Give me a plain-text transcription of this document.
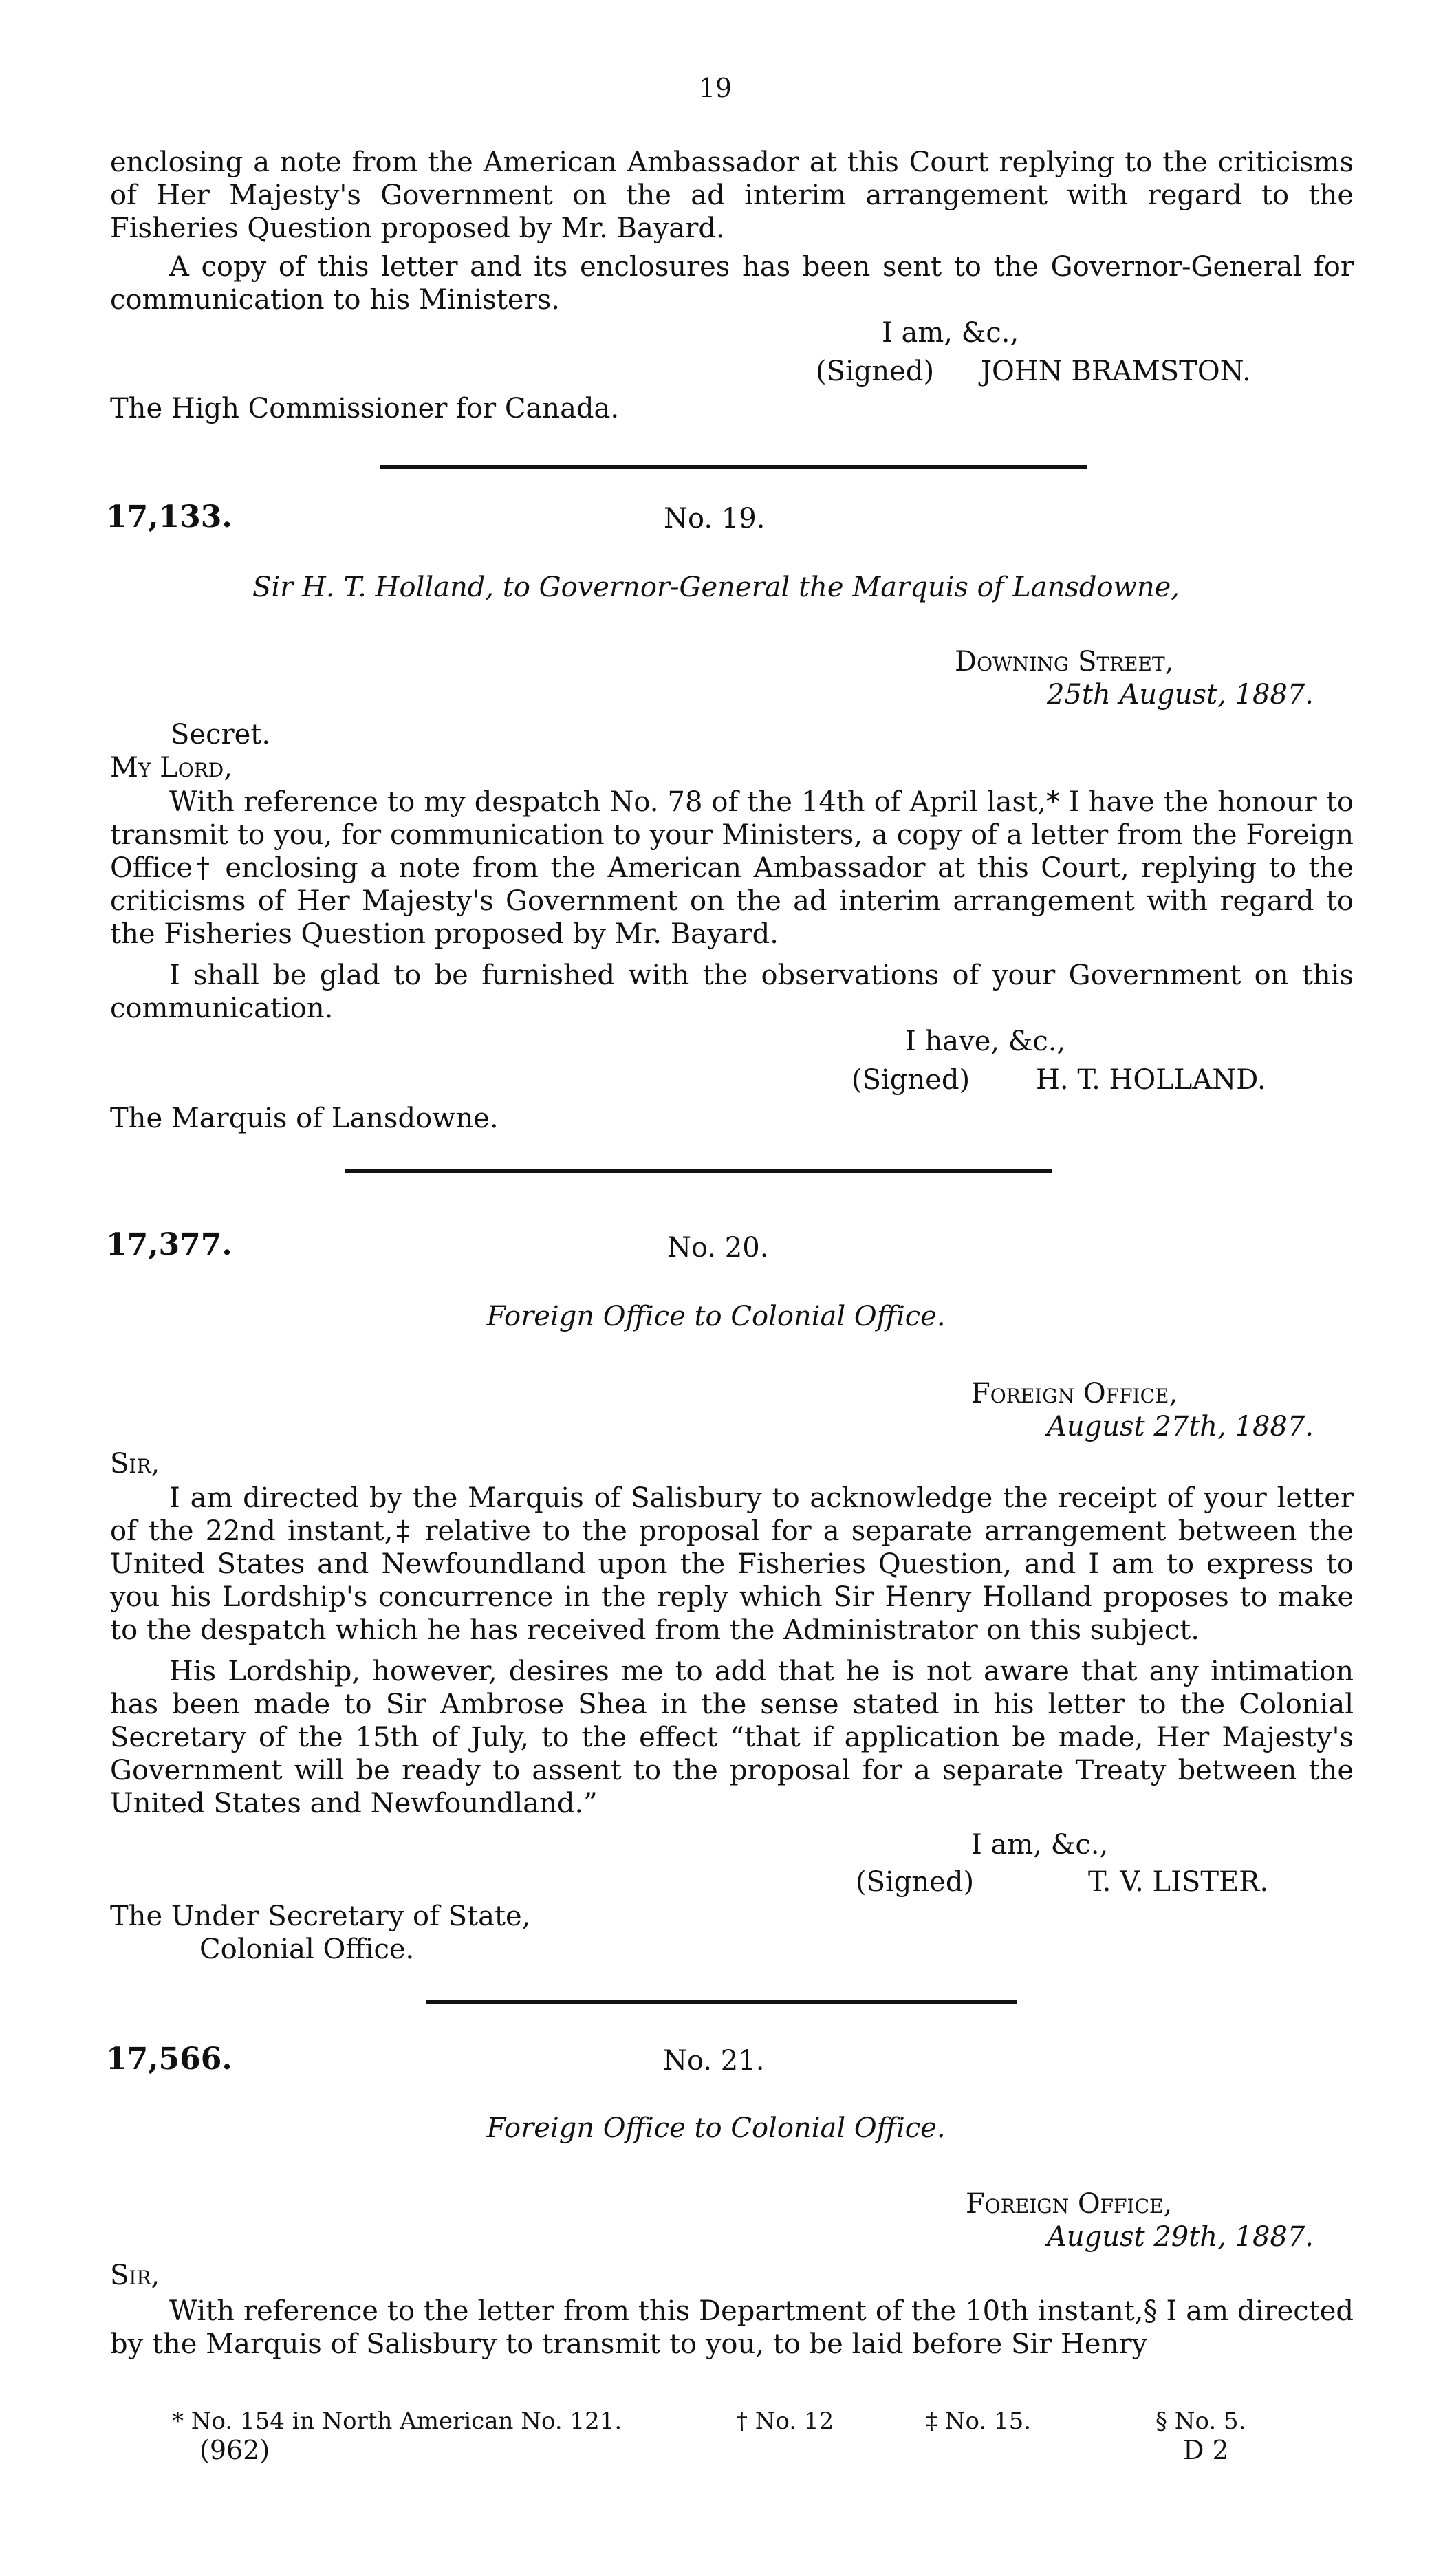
19

enclosing a note from the American Ambassador at this Court replying to the criticisms of Her Majesty's Government on the ad interim arrangement with regard to the Fisheries Question proposed by Mr. Bayard.

A copy of this letter and its enclosures has been sent to the Governor-General for communication to his Ministers.

I am, &c.,
(Signed) JOHN BRAMSTON.
The High Commissioner for Canada.
17,133.	No. 19.
Sir H. T. Holland, to Governor-General the Marquis of Lansdowne,
Downing Street,
25th August, 1887.
Secret.
My Lord,

With reference to my despatch No. 78 of the 14th of April last,* I have the honour to transmit to you, for communication to your Ministers, a copy of a letter from the Foreign Office† enclosing a note from the American Ambassador at this Court, replying to the criticisms of Her Majesty's Government on the ad interim arrangement with regard to the Fisheries Question proposed by Mr. Bayard.

I shall be glad to be furnished with the observations of your Government on this communication.

I have, &c.,
(Signed) H. T. HOLLAND.
The Marquis of Lansdowne.
17,377.	No. 20.
Foreign Office to Colonial Office.
Foreign Office,
August 27th, 1887.
Sir,

I am directed by the Marquis of Salisbury to acknowledge the receipt of your letter of the 22nd instant,‡ relative to the proposal for a separate arrangement between the United States and Newfoundland upon the Fisheries Question, and I am to express to you his Lordship's concurrence in the reply which Sir Henry Holland proposes to make to the despatch which he has received from the Administrator on this subject.

His Lordship, however, desires me to add that he is not aware that any intimation has been made to Sir Ambrose Shea in the sense stated in his letter to the Colonial Secretary of the 15th of July, to the effect “that if application be made, Her Majesty's Government will be ready to assent to the proposal for a separate Treaty between the United States and Newfoundland.”

I am, &c.,
(Signed)	T. V. LISTER.
The Under Secretary of State,
Colonial Office.
17,566.	No. 21.
Foreign Office to Colonial Office.
Foreign Office,
August 29th, 1887.
Sir,

With reference to the letter from this Department of the 10th instant,§ I am directed by the Marquis of Salisbury to transmit to you, to be laid before Sir Henry

* No. 154 in North American No. 121.	† No. 12	‡ No. 15.	§ No. 5.
(962)	D 2
